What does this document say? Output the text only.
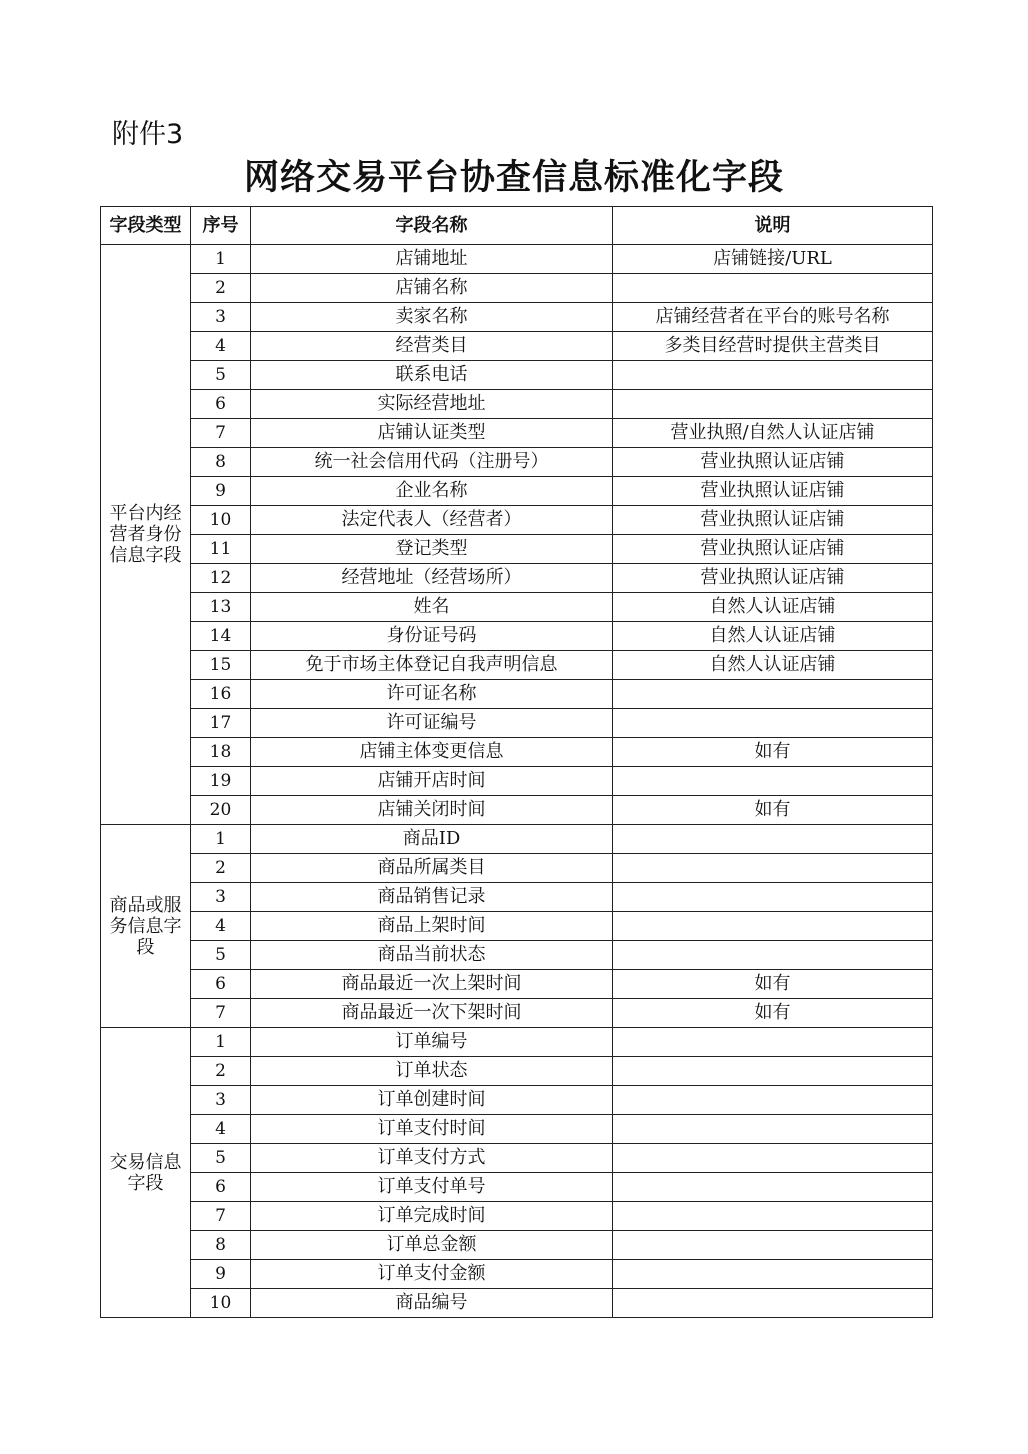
附件3
网络交易平台协查信息标准化字段
字段类型	序号	字段名称	说明
平台内经营者身份信息字段	1	店铺地址	店铺链接/URL
	2	店铺名称	
	3	卖家名称	店铺经营者在平台的账号名称
	4	经营类目	多类目经营时提供主营类目
	5	联系电话	
	6	实际经营地址	
	7	店铺认证类型	营业执照/自然人认证店铺
	8	统一社会信用代码（注册号）	营业执照认证店铺
	9	企业名称	营业执照认证店铺
	10	法定代表人（经营者）	营业执照认证店铺
	11	登记类型	营业执照认证店铺
	12	经营地址（经营场所）	营业执照认证店铺
	13	姓名	自然人认证店铺
	14	身份证号码	自然人认证店铺
	15	免于市场主体登记自我声明信息	自然人认证店铺
	16	许可证名称	
	17	许可证编号	
	18	店铺主体变更信息	如有
	19	店铺开店时间	
	20	店铺关闭时间	如有
商品或服务信息字段	1	商品ID	
	2	商品所属类目	
	3	商品销售记录	
	4	商品上架时间	
	5	商品当前状态	
	6	商品最近一次上架时间	如有
	7	商品最近一次下架时间	如有
交易信息字段	1	订单编号	
	2	订单状态	
	3	订单创建时间	
	4	订单支付时间	
	5	订单支付方式	
	6	订单支付单号	
	7	订单完成时间	
	8	订单总金额	
	9	订单支付金额	
	10	商品编号	
